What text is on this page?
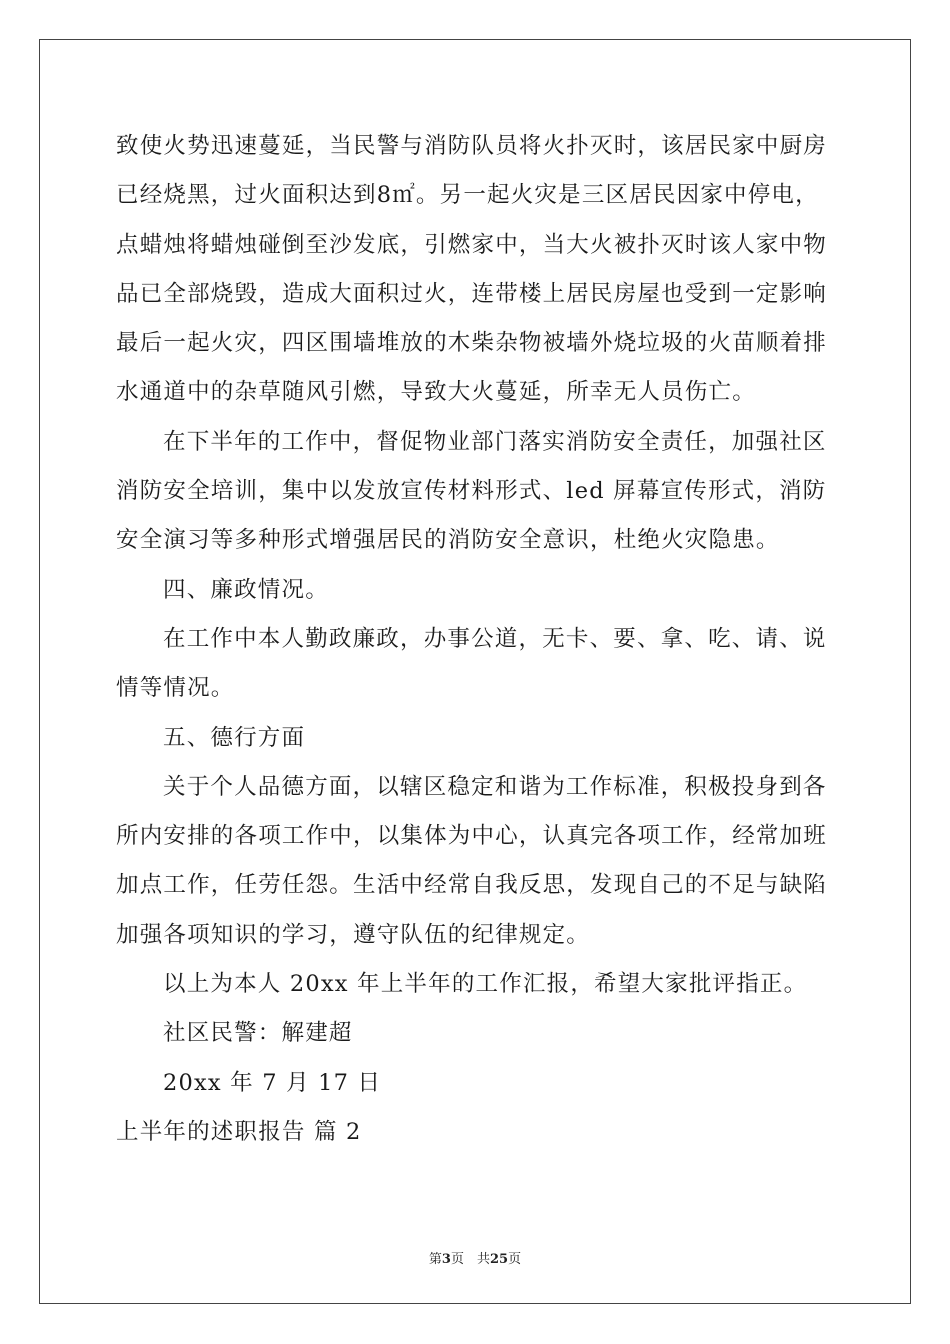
致使火势迅速蔓延，当民警与消防队员将火扑灭时，该居民家中厨房
已经烧黑，过火面积达到8㎡。另一起火灾是三区居民因家中停电，
点蜡烛将蜡烛碰倒至沙发底，引燃家中，当大火被扑灭时该人家中物
品已全部烧毁，造成大面积过火，连带楼上居民房屋也受到一定影响
最后一起火灾，四区围墙堆放的木柴杂物被墙外烧垃圾的火苗顺着排
水通道中的杂草随风引燃，导致大火蔓延，所幸无人员伤亡。
在下半年的工作中，督促物业部门落实消防安全责任，加强社区
消防安全培训，集中以发放宣传材料形式、led 屏幕宣传形式，消防
安全演习等多种形式增强居民的消防安全意识，杜绝火灾隐患。
四、廉政情况。
在工作中本人勤政廉政，办事公道，无卡、要、拿、吃、请、说
情等情况。
五、德行方面
关于个人品德方面，以辖区稳定和谐为工作标准，积极投身到各
所内安排的各项工作中，以集体为中心，认真完各项工作，经常加班
加点工作，任劳任怨。生活中经常自我反思，发现自己的不足与缺陷
加强各项知识的学习，遵守队伍的纪律规定。
以上为本人 20xx 年上半年的工作汇报，希望大家批评指正。
社区民警：解建超
20xx 年 7 月 17 日
上半年的述职报告 篇 2
第3页　共25页
